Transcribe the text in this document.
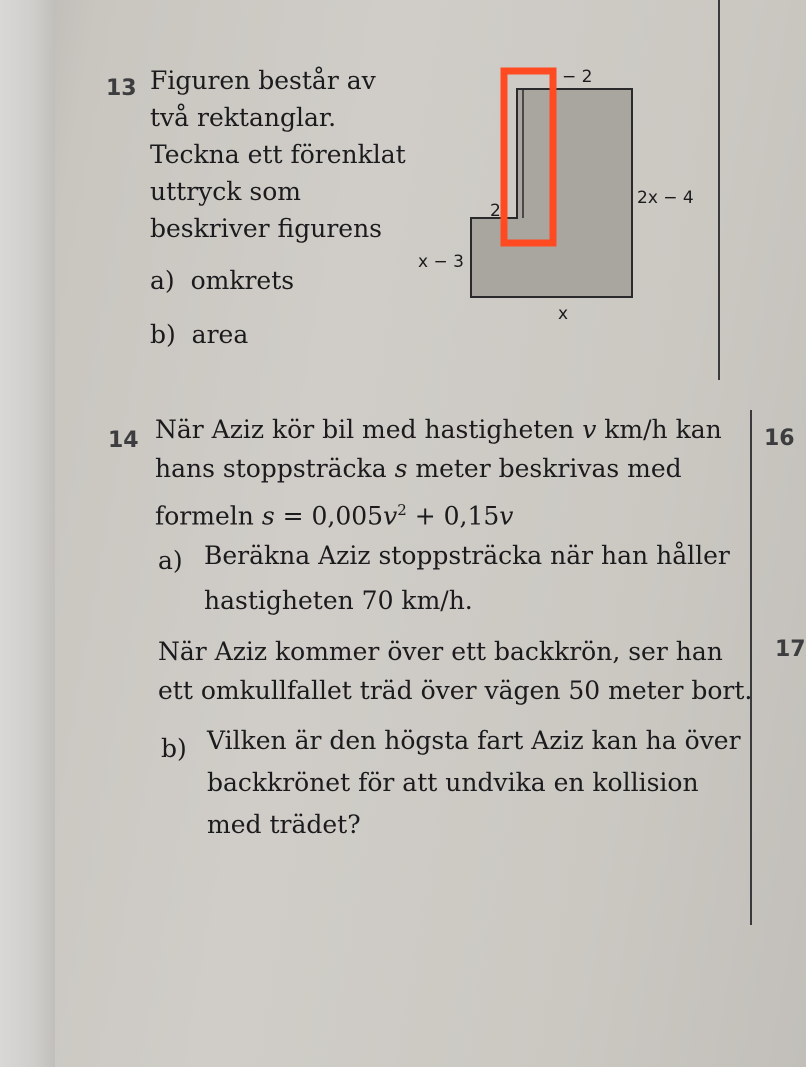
13 Figuren består av
två rektanglar.
Teckna ett förenklat
uttryck som
beskriver figurens
a) omkrets
b) area
− 2
2x − 4
2
x − 3
x
14 När Aziz kör bil med hastigheten v km/h kan
hans stoppsträcka s meter beskrivas med
formeln $s = 0,005v^2 + 0,15v$
a) Beräkna Aziz stoppsträcka när han håller
hastigheten 70 km/h.
När Aziz kommer över ett backkrön, ser han
ett omkullfallet träd över vägen 50 meter bort.
b) Vilken är den högsta fart Aziz kan ha över
backkrönet för att undvika en kollision
med trädet?
16
17
